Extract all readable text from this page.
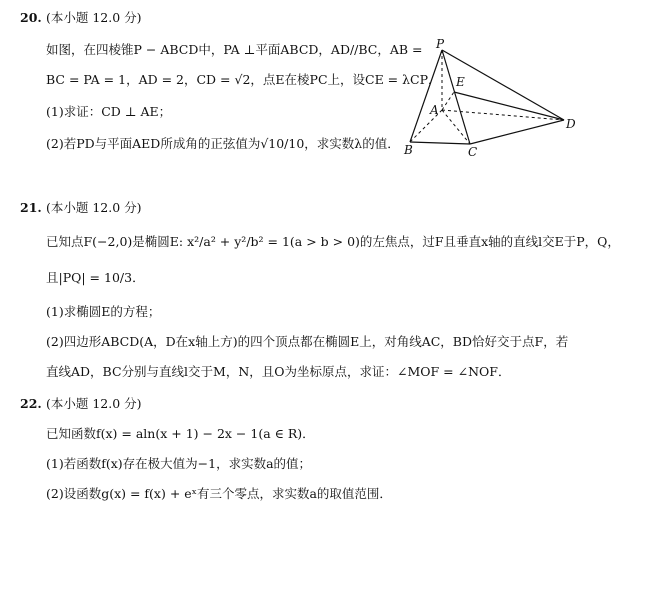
20. (本小题 12.0 分)
如图，在四棱锥P − ABCD中，PA ⊥平面ABCD，AD//BC，AB =
BC = PA = 1，AD = 2，CD = √2，点E在棱PC上，设CE = λCP．
(1)求证：CD ⊥ AE；
(2)若PD与平面AED所成角的正弦值为√10/10，求实数λ的值．
P
E
A
D
B	C
21. (本小题 12.0 分)
已知点F(−2,0)是椭圆E: x²/a² + y²/b² = 1(a > b > 0)的左焦点，过F且垂直x轴的直线l交E于P，Q，
且|PQ| = 10/3．
(1)求椭圆E的方程；
(2)四边形ABCD(A，D在x轴上方)的四个顶点都在椭圆E上，对角线AC，BD恰好交于点F，若
直线AD，BC分别与直线l交于M，N，且O为坐标原点，求证：∠MOF = ∠NOF．
22. (本小题 12.0 分)
已知函数f(x) = aln(x + 1) − 2x − 1(a ∈ R)．
(1)若函数f(x)存在极大值为−1，求实数a的值；
(2)设函数g(x) = f(x) + eˣ有三个零点，求实数a的取值范围．
